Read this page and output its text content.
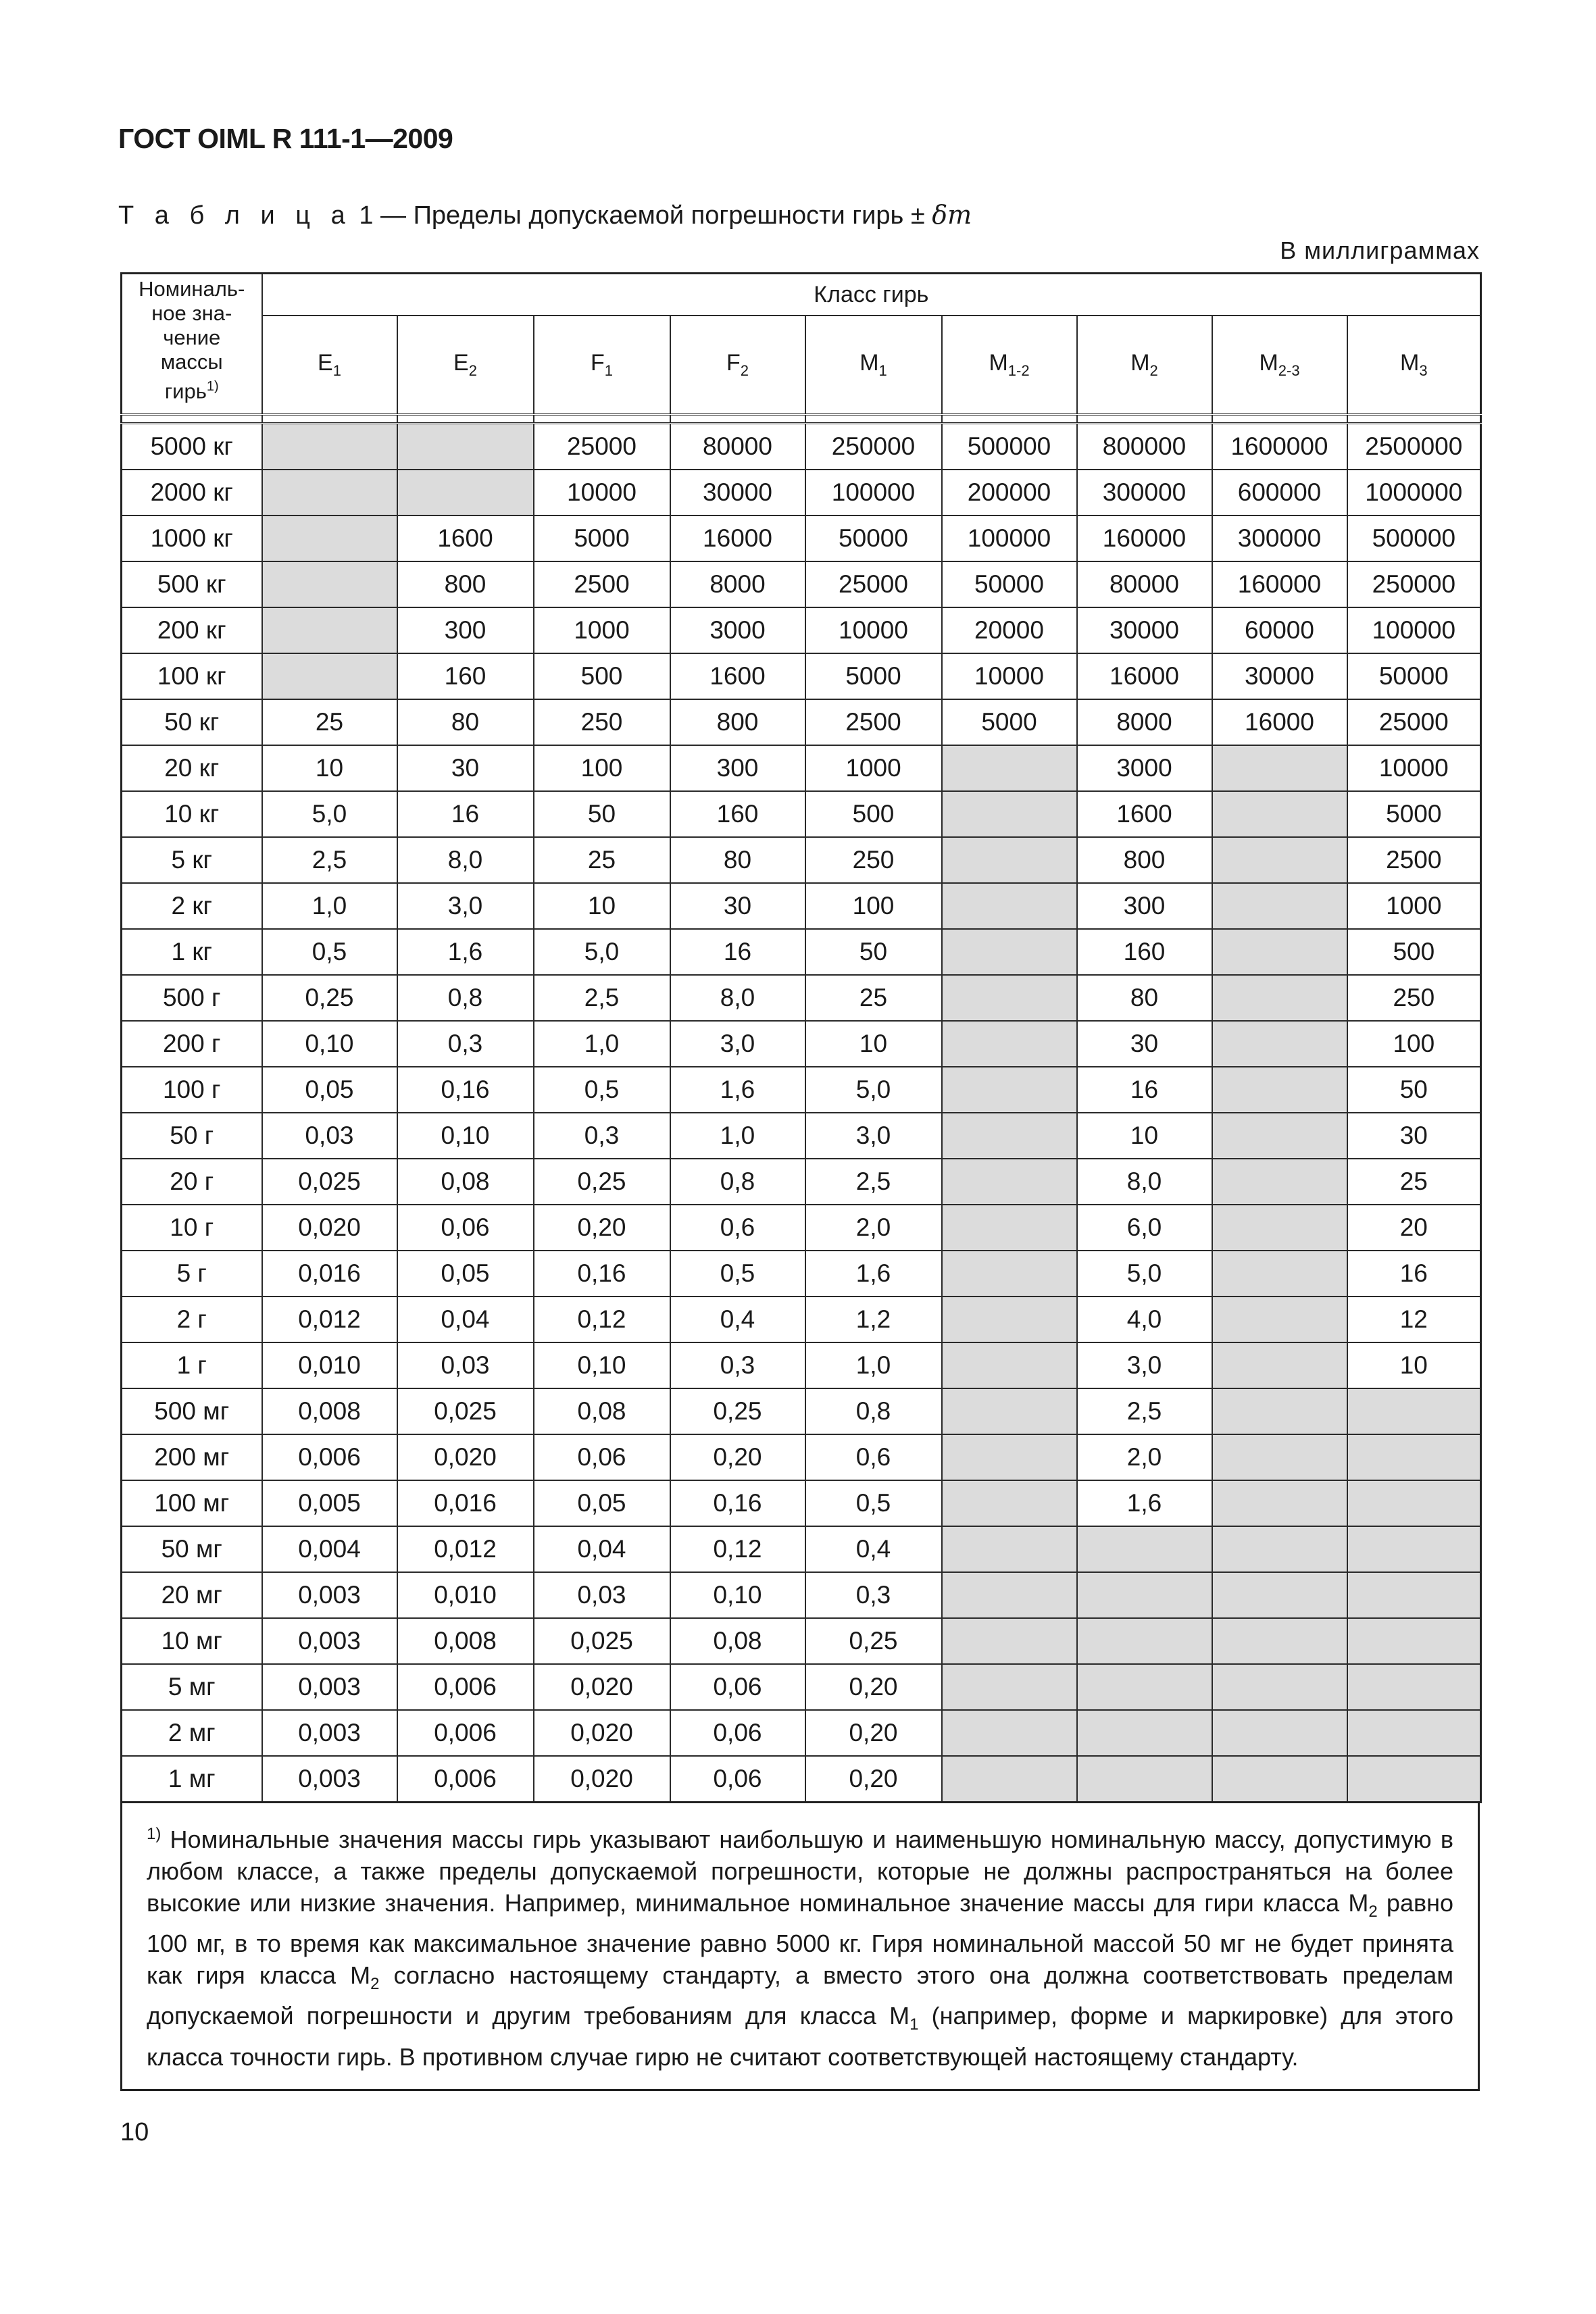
ГОСТ OIML R 111-1—2009
Т а б л и ц а 1 — Пределы допускаемой погрешности гирь ± δm
В миллиграммах
Номиналь-
ное зна-
чение
массы
гирь$^{1)}$	Класс гирь								
	$E_1$	$E_2$	$F_1$	$F_2$	$M_1$	$M_{1-2}$	$M_2$	$M_{2-3}$	$M_3$

5000 кг			25000	80000	250000	500000	800000	1600000	2500000
2000 кг			10000	30000	100000	200000	300000	600000	1000000
1000 кг		1600	5000	16000	50000	100000	160000	300000	500000
500 кг		800	2500	8000	25000	50000	80000	160000	250000
200 кг		300	1000	3000	10000	20000	30000	60000	100000
100 кг		160	500	1600	5000	10000	16000	30000	50000
50 кг	25	80	250	800	2500	5000	8000	16000	25000
20 кг	10	30	100	300	1000		3000		10000
10 кг	5,0	16	50	160	500		1600		5000
5 кг	2,5	8,0	25	80	250		800		2500
2 кг	1,0	3,0	10	30	100		300		1000
1 кг	0,5	1,6	5,0	16	50		160		500
500 г	0,25	0,8	2,5	8,0	25		80		250
200 г	0,10	0,3	1,0	3,0	10		30		100
100 г	0,05	0,16	0,5	1,6	5,0		16		50
50 г	0,03	0,10	0,3	1,0	3,0		10		30
20 г	0,025	0,08	0,25	0,8	2,5		8,0		25
10 г	0,020	0,06	0,20	0,6	2,0		6,0		20
5 г	0,016	0,05	0,16	0,5	1,6		5,0		16
2 г	0,012	0,04	0,12	0,4	1,2		4,0		12
1 г	0,010	0,03	0,10	0,3	1,0		3,0		10
500 мг	0,008	0,025	0,08	0,25	0,8		2,5		
200 мг	0,006	0,020	0,06	0,20	0,6		2,0		
100 мг	0,005	0,016	0,05	0,16	0,5		1,6		
50 мг	0,004	0,012	0,04	0,12	0,4				
20 мг	0,003	0,010	0,03	0,10	0,3				
10 мг	0,003	0,008	0,025	0,08	0,25				
5 мг	0,003	0,006	0,020	0,06	0,20				
2 мг	0,003	0,006	0,020	0,06	0,20				
1 мг	0,003	0,006	0,020	0,06	0,20				
$^{1)}$ Номинальные значения массы гирь указывают наибольшую и наименьшую номинальную массу, допустимую в любом классе, а также пределы допускаемой погрешности, которые не должны распространяться на более высокие или низкие значения. Например, минимальное номинальное значение массы для гири класса $M_2$ равно 100 мг, в то время как максимальное значение равно 5000 кг. Гиря номинальной массой 50 мг не будет принята как гиря класса $M_2$ согласно настоящему стандарту, а вместо этого она должна соответствовать пределам допускаемой погрешности и другим требованиям для класса $M_1$ (например, форме и маркировке) для этого класса точности гирь. В противном случае гирю не считают соответствующей настоящему стандарту.
10
